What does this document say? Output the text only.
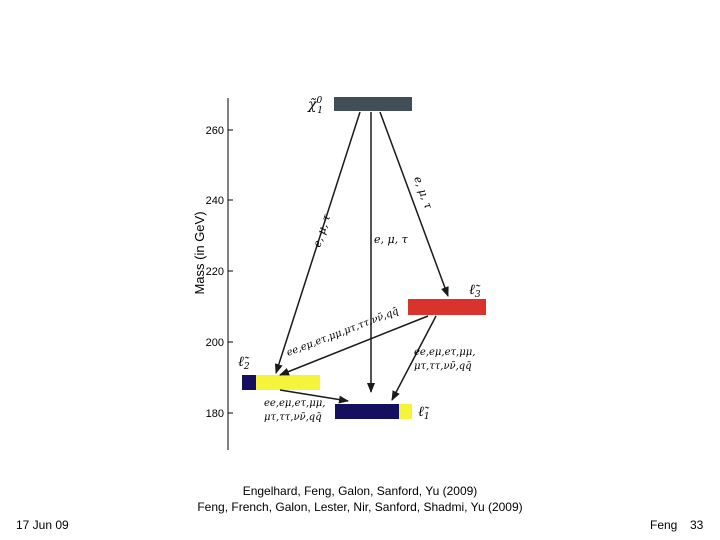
260
240
220
200
180
Mass (in GeV)
χ̃$^0$ 1
$\ell̃_3$
$\ell̃_2$
$\ell̃_1$
e, μ, τ	e, μ, τ
e, μ, τ
ee,eμ,eτ,μμ,μτ,ττ,νν̄,qq̄ ee,eμ,eτ,μμ,
μτ,ττ,νν̄,qq̄
ee,eμ,eτ,μμ,
μτ,ττ,νν̄,qq̄
Engelhard, Feng, Galon, Sanford, Yu (2009)
Feng, French, Galon, Lester, Nir, Sanford, Shadmi, Yu (2009)
17 Jun 09	Feng 33
